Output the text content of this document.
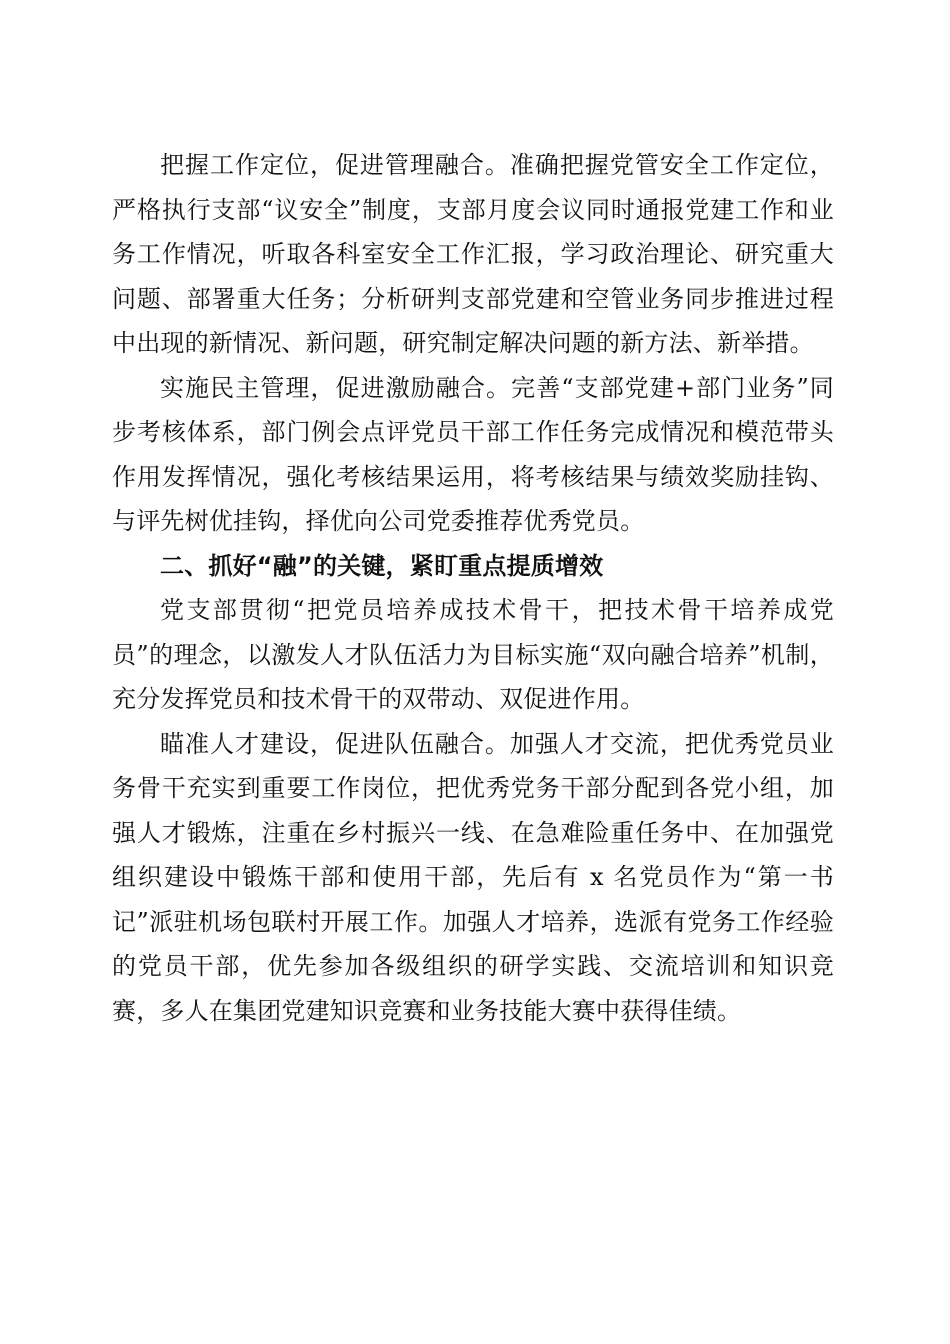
把握工作定位，促进管理融合。准确把握党管安全工作定位，严格执行支部“议安全”制度，支部月度会议同时通报党建工作和业务工作情况，听取各科室安全工作汇报，学习政治理论、研究重大问题、部署重大任务；分析研判支部党建和空管业务同步推进过程中出现的新情况、新问题，研究制定解决问题的新方法、新举措。

实施民主管理，促进激励融合。完善“支部党建+部门业务”同步考核体系，部门例会点评党员干部工作任务完成情况和模范带头作用发挥情况，强化考核结果运用，将考核结果与绩效奖励挂钩、与评先树优挂钩，择优向公司党委推荐优秀党员。

二、抓好“融”的关键，紧盯重点提质增效

党支部贯彻“把党员培养成技术骨干，把技术骨干培养成党员”的理念，以激发人才队伍活力为目标实施“双向融合培养”机制，充分发挥党员和技术骨干的双带动、双促进作用。

瞄准人才建设，促进队伍融合。加强人才交流，把优秀党员业务骨干充实到重要工作岗位，把优秀党务干部分配到各党小组，加强人才锻炼，注重在乡村振兴一线、在急难险重任务中、在加强党组织建设中锻炼干部和使用干部，先后有 x 名党员作为“第一书记”派驻机场包联村开展工作。加强人才培养，选派有党务工作经验的党员干部，优先参加各级组织的研学实践、交流培训和知识竞赛，多人在集团党建知识竞赛和业务技能大赛中获得佳绩。
